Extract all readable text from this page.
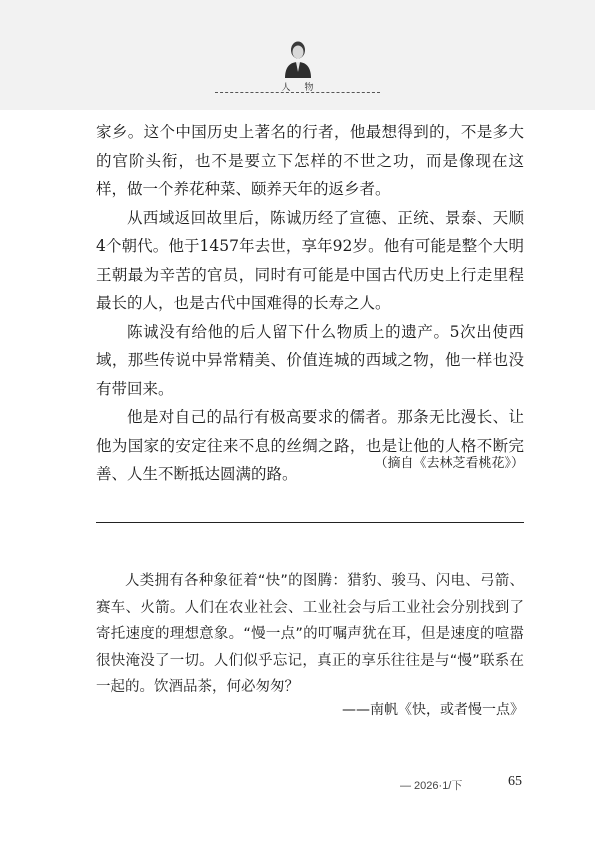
人物

家乡。这个中国历史上著名的行者，他最想得到的，不是多大的官阶头衔，也不是要立下怎样的不世之功，而是像现在这样，做一个养花种菜、颐养天年的返乡者。

从西域返回故里后，陈诚历经了宣德、正统、景泰、天顺4个朝代。他于1457年去世，享年92岁。他有可能是整个大明王朝最为辛苦的官员，同时有可能是中国古代历史上行走里程最长的人，也是古代中国难得的长寿之人。

陈诚没有给他的后人留下什么物质上的遗产。5次出使西域，那些传说中异常精美、价值连城的西域之物，他一样也没有带回来。

他是对自己的品行有极高要求的儒者。那条无比漫长、让他为国家的安定往来不息的丝绸之路，也是让他的人格不断完善、人生不断抵达圆满的路。

（摘自《去林芝看桃花》）

人类拥有各种象征着“快”的图腾：猎豹、骏马、闪电、弓箭、赛车、火箭。人们在农业社会、工业社会与后工业社会分别找到了寄托速度的理想意象。“慢一点”的叮嘱声犹在耳，但是速度的喧嚣很快淹没了一切。人们似乎忘记，真正的享乐往往是与“慢”联系在一起的。饮酒品茶，何必匆匆？

——南帆《快，或者慢一点》
— 2026·1/下	65
